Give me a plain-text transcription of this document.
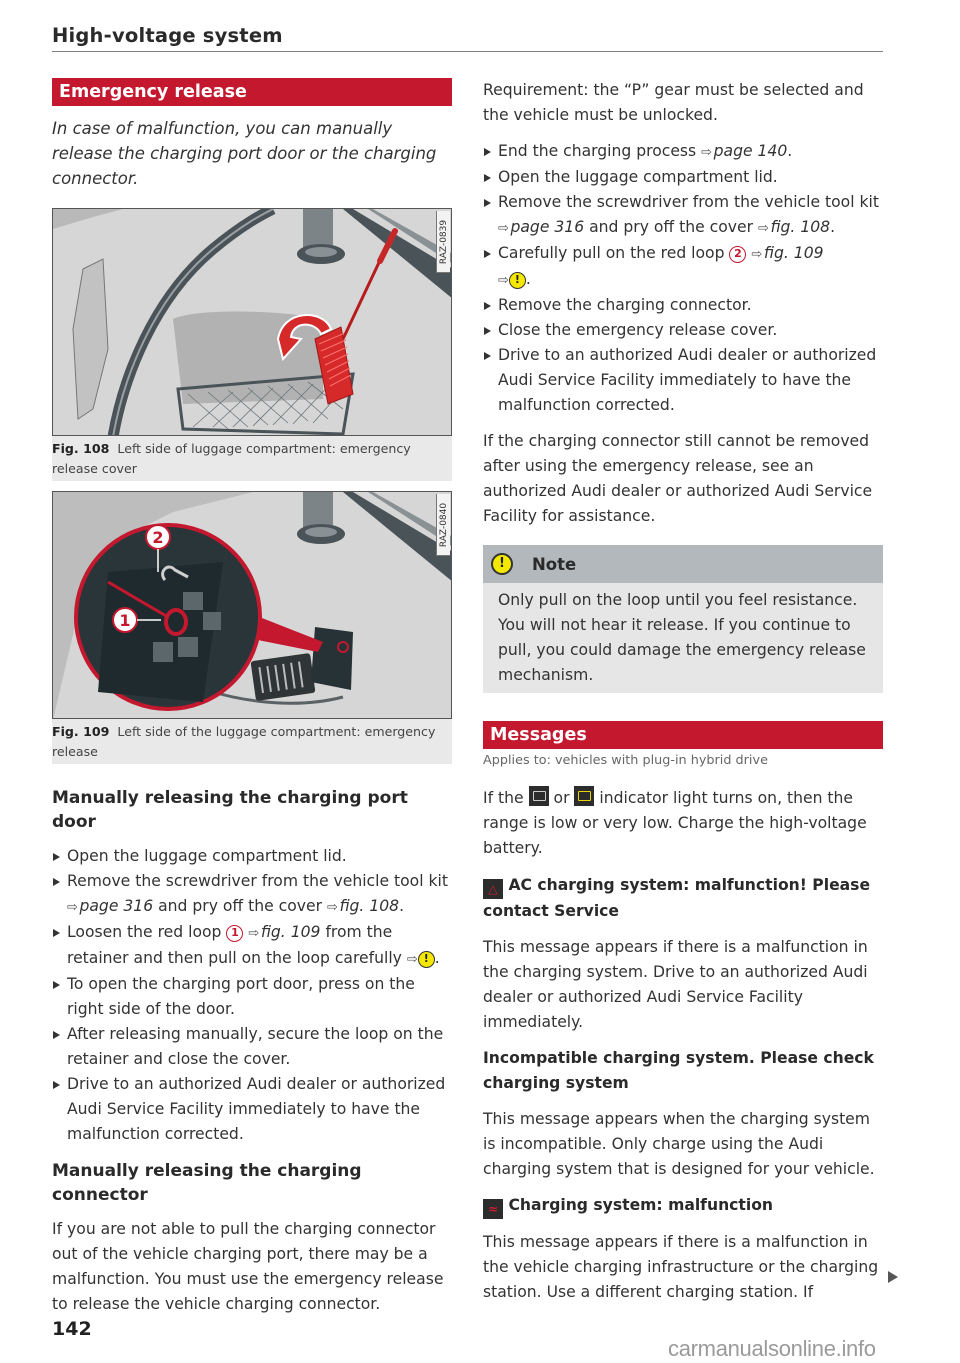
High-voltage system
Emergency release
In case of malfunction, you can manually release the charging port door or the charging connector.
RAZ-0839
Fig. 108 Left side of luggage compartment: emergency release cover
2
1
RAZ-0840
Fig. 109 Left side of the luggage compartment: emergency release
Manually releasing the charging port door
Open the luggage compartment lid.
Remove the screwdriver from the vehicle tool kit ⇨  page 316 and pry off the cover ⇨  fig. 108.
Loosen the red loop 1 ⇨  fig. 109 from the retainer and then pull on the loop carefully ⇨ ! .
To open the charging port door, press on the right side of the door.
After releasing manually, secure the loop on the retainer and close the cover.
Drive to an authorized Audi dealer or authorized Audi Service Facility immediately to have the malfunction corrected.
Manually releasing the charging connector

If you are not able to pull the charging connector out of the vehicle charging port, there may be a malfunction. You must use the emergency release to release the vehicle charging connector.

Requirement: the “P” gear must be selected and the vehicle must be unlocked.

End the charging process ⇨  page 140.
Open the luggage compartment lid.
Remove the screwdriver from the vehicle tool kit ⇨  page 316 and pry off the cover ⇨  fig. 108.
Carefully pull on the red loop 2 ⇨  fig. 109
⇨ ! .
Remove the charging connector.
Close the emergency release cover.
Drive to an authorized Audi dealer or authorized Audi Service Facility immediately to have the malfunction corrected.

If the charging connector still cannot be removed after using the emergency release, see an authorized Audi dealer or authorized Audi Service Facility for assistance.

!	Note
Only pull on the loop until you feel resistance. You will not hear it release. If you continue to pull, you could damage the emergency release mechanism.
Messages
Applies to: vehicles with plug-in hybrid drive

If the  or  indicator light turns on, then the range is low or very low. Charge the high-voltage battery.

△ AC charging system: malfunction! Please contact Service

This message appears if there is a malfunction in the charging system. Drive to an authorized Audi dealer or authorized Audi Service Facility immediately.

Incompatible charging system. Please check charging system

This message appears when the charging system is incompatible. Only charge using the Audi charging system that is designed for your vehicle.

≈ Charging system: malfunction

This message appears if there is a malfunction in the vehicle charging infrastructure or the charging station. Use a different charging station. If

142
carmanualsonline.info
